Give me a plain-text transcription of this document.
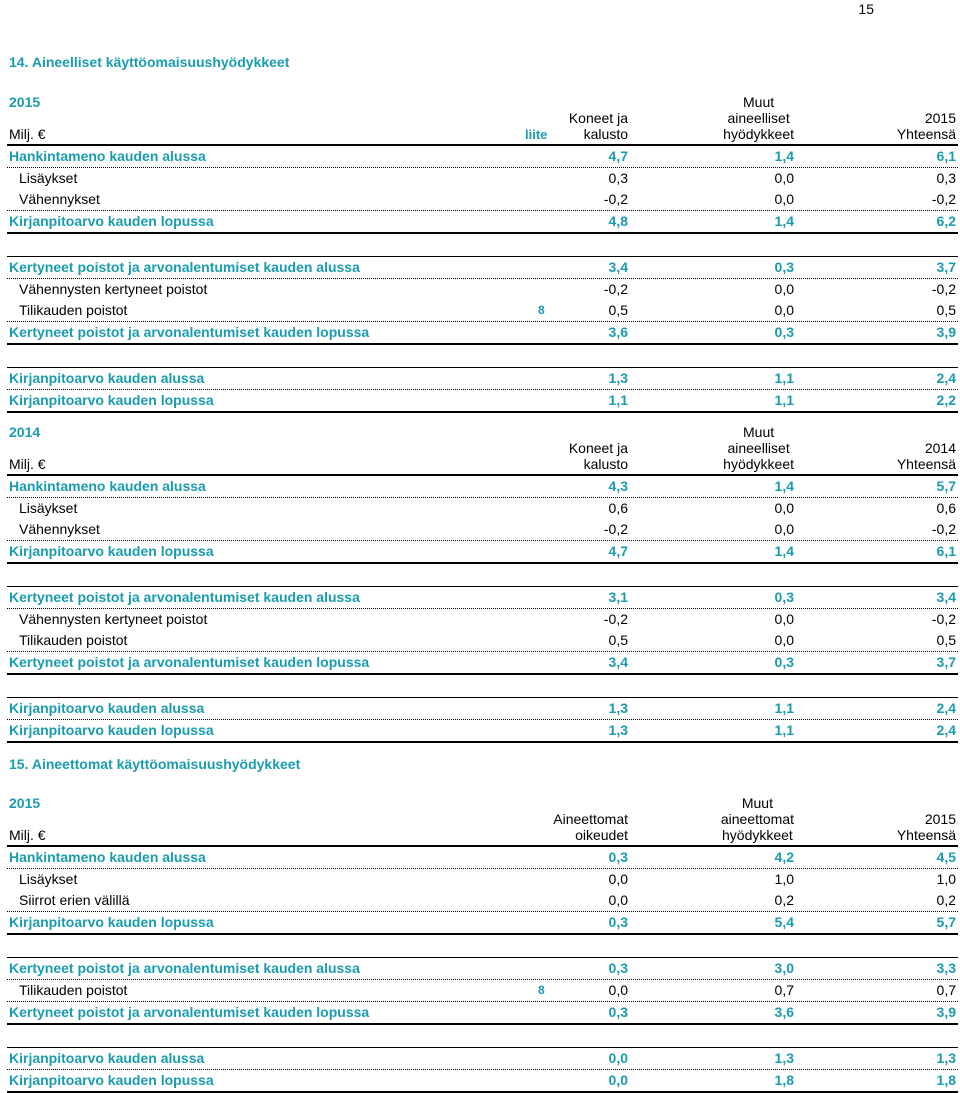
15
14. Aineelliset käyttöomaisuushyödykkeet
2015
Milj. €	liite
Koneet ja
kalusto
Muut
aineelliset
hyödykkeet
2015
Yhteensä
Hankintameno kauden alussa	4,7	1,4	6,1
Lisäykset	0,3	0,0	0,3
Vähennykset	-0,2	0,0	-0,2
Kirjanpitoarvo kauden lopussa	4,8	1,4	6,2
Kertyneet poistot ja arvonalentumiset kauden alussa	3,4	0,3	3,7
Vähennysten kertyneet poistot	-0,2	0,0	-0,2
Tilikauden poistot	8	0,5	0,0	0,5
Kertyneet poistot ja arvonalentumiset kauden lopussa	3,6	0,3	3,9
Kirjanpitoarvo kauden alussa	1,3	1,1	2,4
Kirjanpitoarvo kauden lopussa	1,1	1,1	2,2
2014
Milj. €
Koneet ja
kalusto
Muut
aineelliset
hyödykkeet
2014
Yhteensä
Hankintameno kauden alussa	4,3	1,4	5,7
Lisäykset	0,6	0,0	0,6
Vähennykset	-0,2	0,0	-0,2
Kirjanpitoarvo kauden lopussa	4,7	1,4	6,1
Kertyneet poistot ja arvonalentumiset kauden alussa	3,1	0,3	3,4
Vähennysten kertyneet poistot	-0,2	0,0	-0,2
Tilikauden poistot	0,5	0,0	0,5
Kertyneet poistot ja arvonalentumiset kauden lopussa	3,4	0,3	3,7
Kirjanpitoarvo kauden alussa	1,3	1,1	2,4
Kirjanpitoarvo kauden lopussa	1,3	1,1	2,4
15. Aineettomat käyttöomaisuushyödykkeet
2015
Milj. €
Aineettomat
oikeudet
Muut
aineettomat
hyödykkeet
2015
Yhteensä
Hankintameno kauden alussa	0,3	4,2	4,5
Lisäykset	0,0	1,0	1,0
Siirrot erien välillä	0,0	0,2	0,2
Kirjanpitoarvo kauden lopussa	0,3	5,4	5,7
Kertyneet poistot ja arvonalentumiset kauden alussa	0,3	3,0	3,3
Tilikauden poistot	8	0,0	0,7	0,7
Kertyneet poistot ja arvonalentumiset kauden lopussa	0,3	3,6	3,9
Kirjanpitoarvo kauden alussa	0,0	1,3	1,3
Kirjanpitoarvo kauden lopussa	0,0	1,8	1,8
